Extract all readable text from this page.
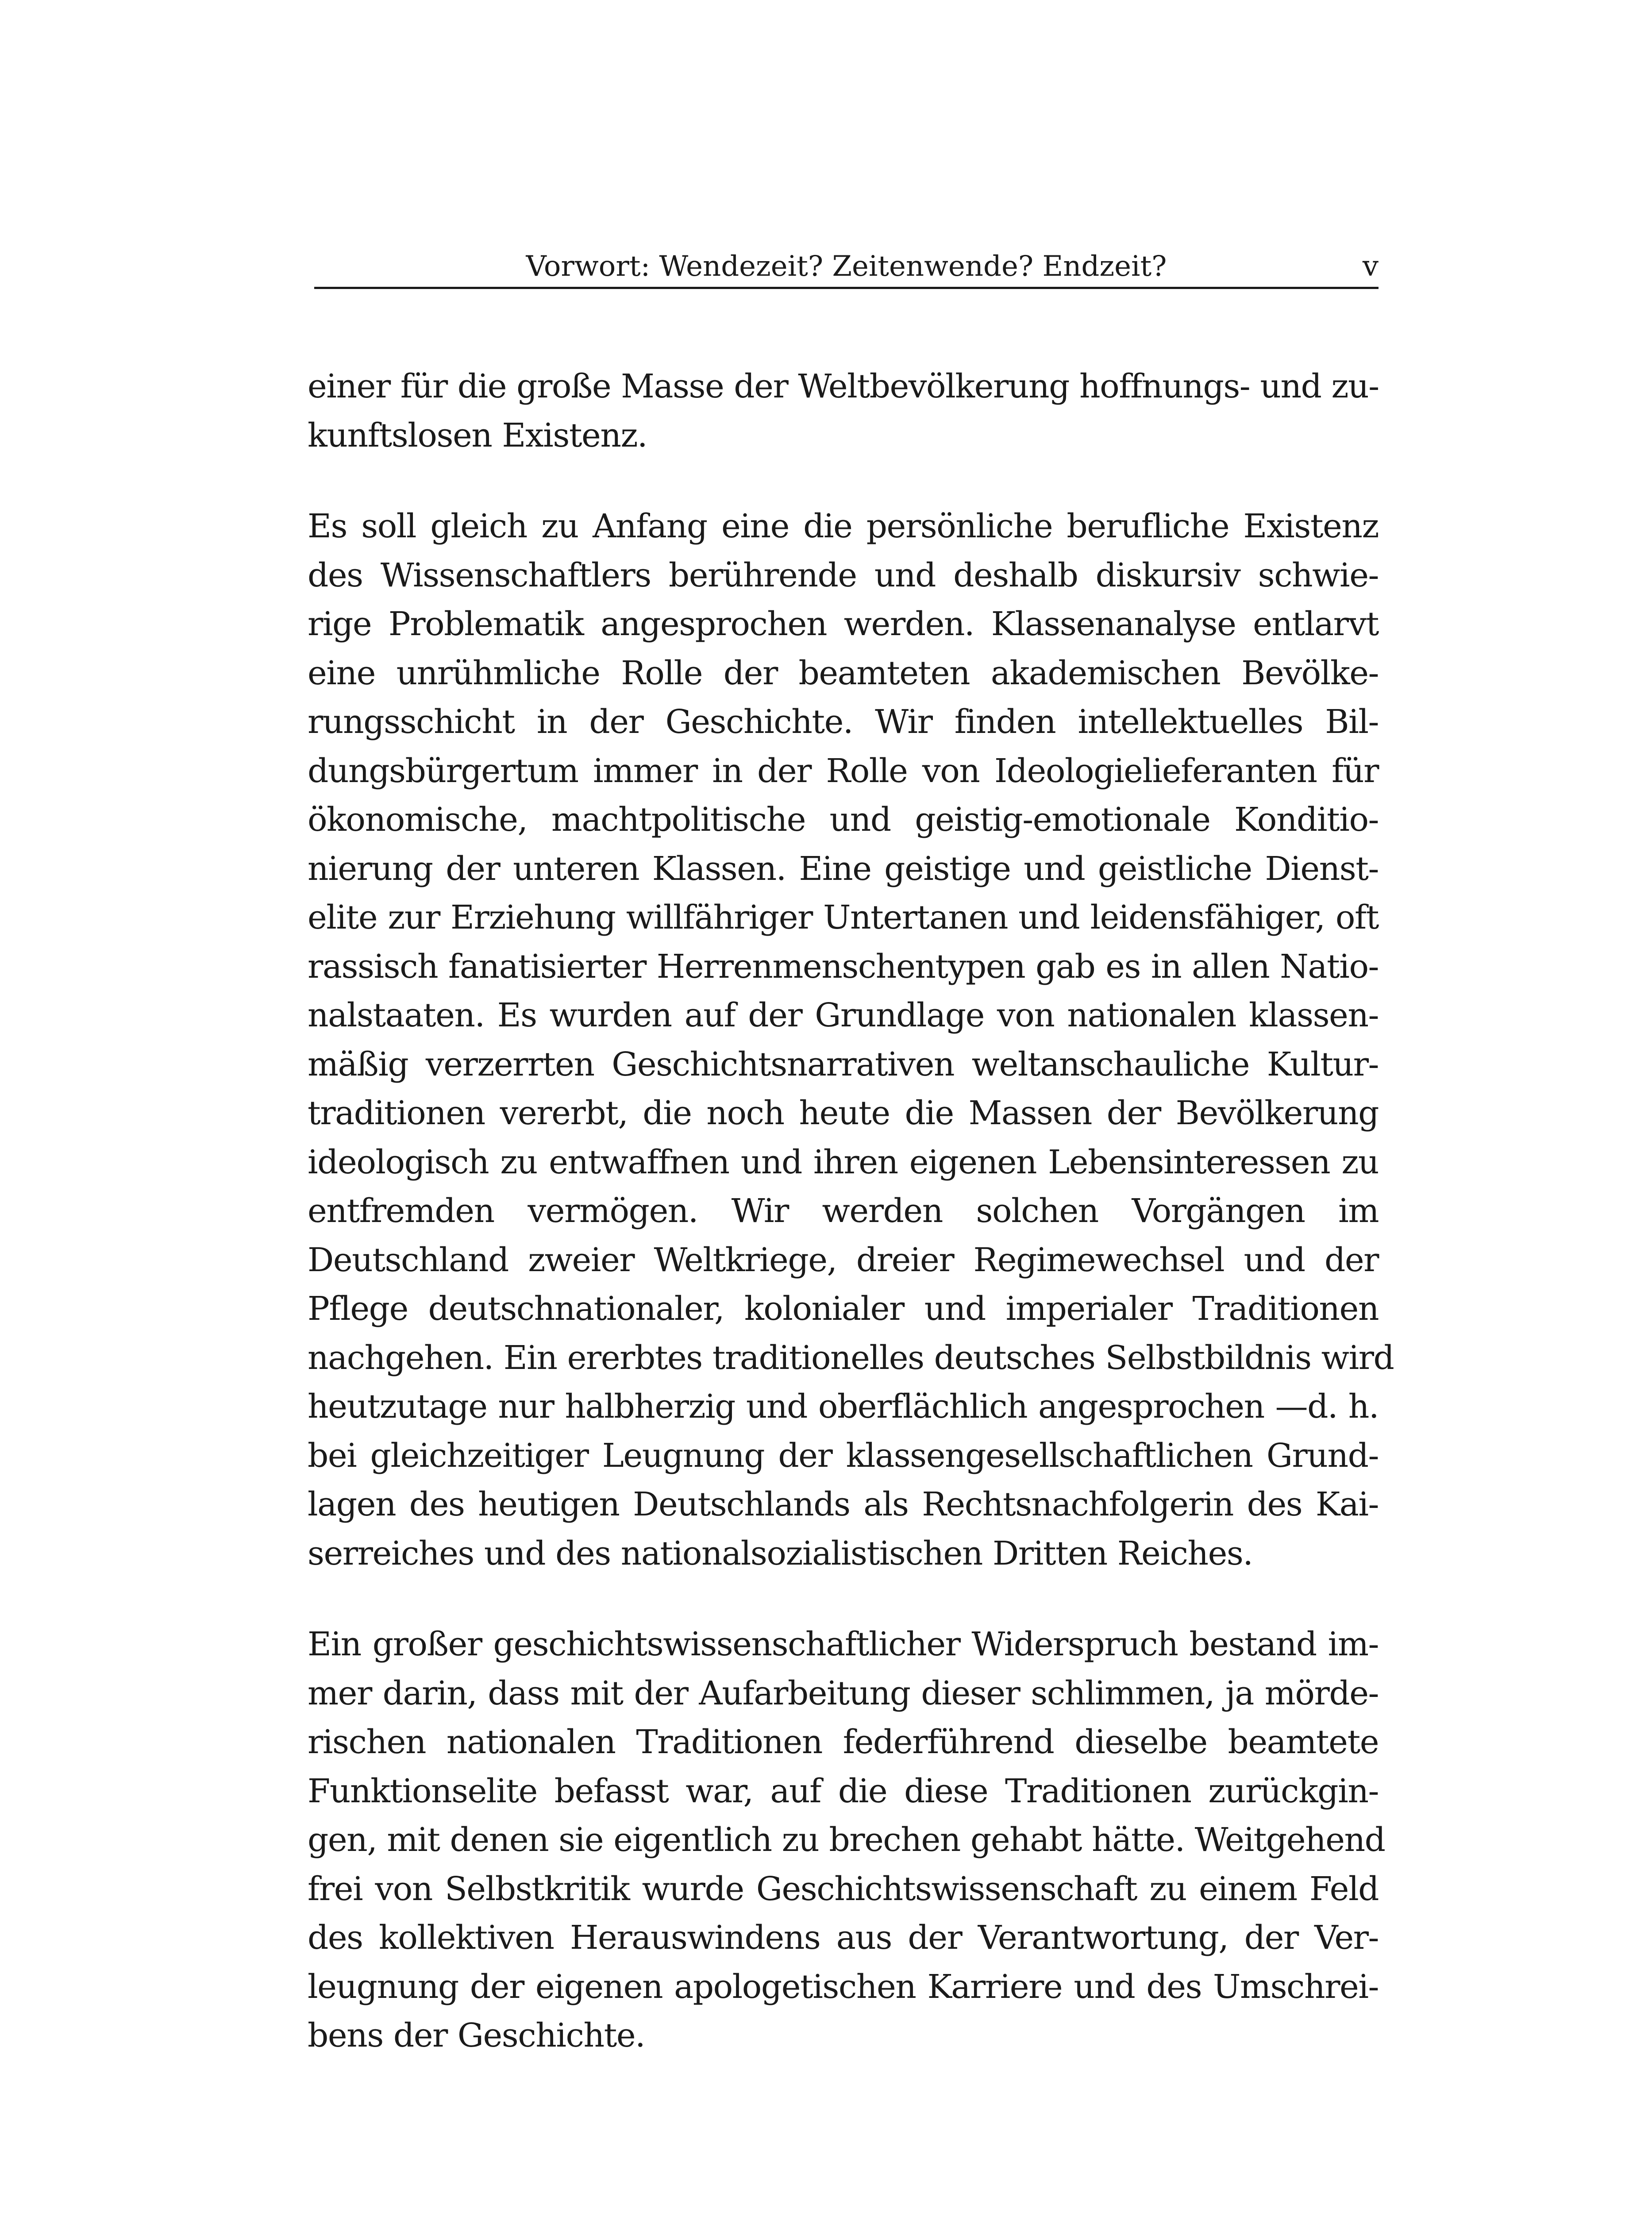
Vorwort: Wendezeit? Zeitenwende? Endzeit?	v

einer für die große Masse der Weltbevölkerung hoffnungs- und zu-
kunftslosen Existenz.

Es soll gleich zu Anfang eine die persönliche berufliche Existenz
des Wissenschaftlers berührende und deshalb diskursiv schwie-
rige Problematik angesprochen werden. Klassenanalyse entlarvt
eine unrühmliche Rolle der beamteten akademischen Bevölke-
rungsschicht in der Geschichte. Wir finden intellektuelles Bil-
dungsbürgertum immer in der Rolle von Ideologielieferanten für
ökonomische, machtpolitische und geistig-emotionale Konditio-
nierung der unteren Klassen. Eine geistige und geistliche Dienst-
elite zur Erziehung willfähriger Untertanen und leidensfähiger, oft
rassisch fanatisierter Herrenmenschentypen gab es in allen Natio-
nalstaaten. Es wurden auf der Grundlage von nationalen klassen-
mäßig verzerrten Geschichtsnarrativen weltanschauliche Kultur-
traditionen vererbt, die noch heute die Massen der Bevölkerung
ideologisch zu entwaffnen und ihren eigenen Lebensinteressen zu
entfremden vermögen. Wir werden solchen Vorgängen im
Deutschland zweier Weltkriege, dreier Regimewechsel und der
Pflege deutschnationaler, kolonialer und imperialer Traditionen
nachgehen. Ein ererbtes traditionelles deutsches Selbstbildnis wird
heutzutage nur halbherzig und oberflächlich angesprochen —d. h.
bei gleichzeitiger Leugnung der klassengesellschaftlichen Grund-
lagen des heutigen Deutschlands als Rechtsnachfolgerin des Kai-
serreiches und des nationalsozialistischen Dritten Reiches.

Ein großer geschichtswissenschaftlicher Widerspruch bestand im-
mer darin, dass mit der Aufarbeitung dieser schlimmen, ja mörde-
rischen nationalen Traditionen federführend dieselbe beamtete
Funktionselite befasst war, auf die diese Traditionen zurückgin-
gen, mit denen sie eigentlich zu brechen gehabt hätte. Weitgehend
frei von Selbstkritik wurde Geschichtswissenschaft zu einem Feld
des kollektiven Herauswindens aus der Verantwortung, der Ver-
leugnung der eigenen apologetischen Karriere und des Umschrei-
bens der Geschichte.
